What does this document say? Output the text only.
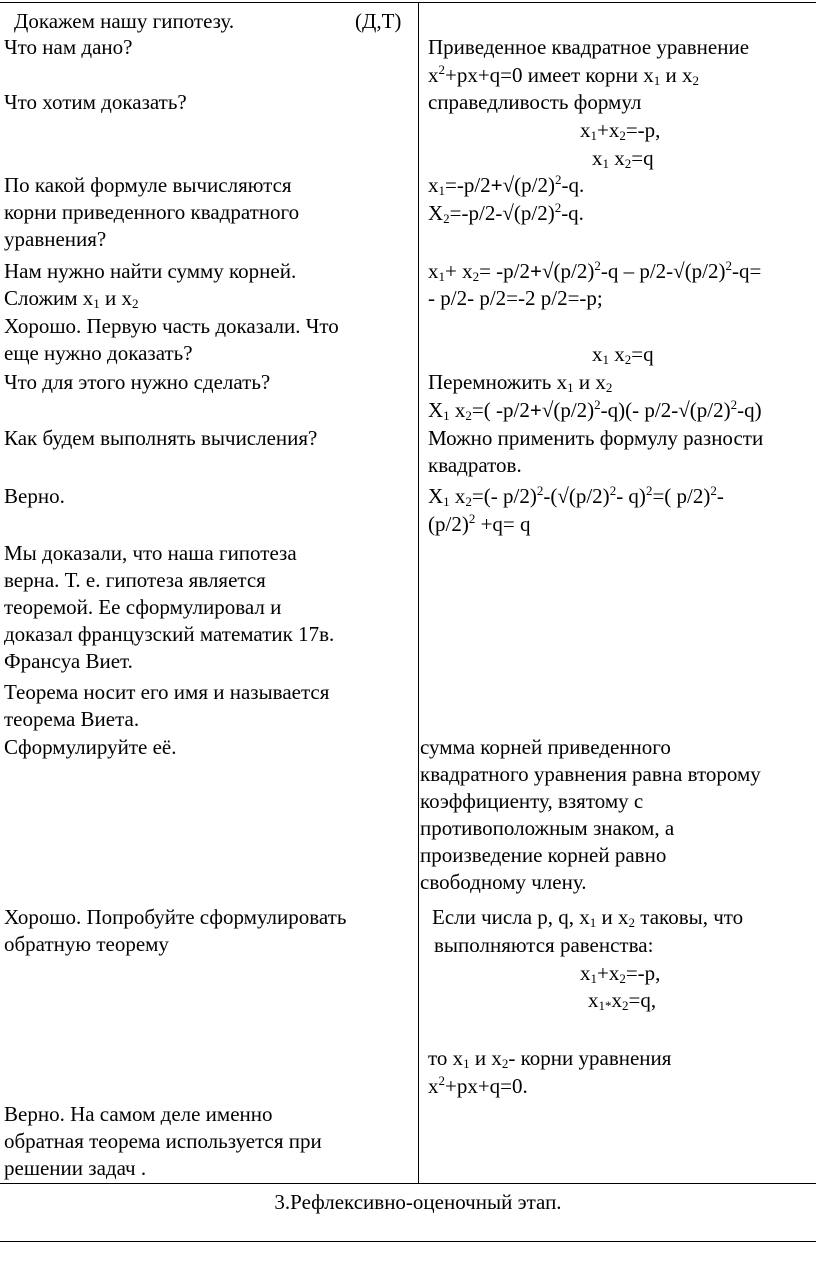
Докажем нашу гипотезу.	(Д,Т)
Что нам дано?
Что хотим доказать?
По какой формуле вычисляются
корни приведенного квадратного
уравнения?
Нам нужно найти сумму корней.
Сложим $x_1$ и $x_2$
Хорошо. Первую часть доказали. Что
еще нужно доказать?
Что для этого нужно сделать?
Как будем выполнять вычисления?
Верно.
Мы доказали, что наша гипотеза
верна. Т. е. гипотеза является
теоремой. Ее сформулировал и
доказал французский математик 17в.
Франсуа Виет.
Теорема носит его имя и называется
теорема Виета.
Сформулируйте её.
Хорошо. Попробуйте сформулировать
обратную теорему
Верно. На самом деле именно
обратная теорема используется при
решении задач .
Приведенное квадратное уравнение
$x^2+px+q=0$ имеет корни $x_1$ и $x_2$
справедливость формул
$x_1+x_2=-p$,
$x_1$ $x_2=q$
$x_1=-p/2+√(p/2)^2-q$.
$X_2=-p/2-√(p/2)^2-q$.
$x_1+ x_2= -p/2+√(p/2)^2-q - p/2-√(p/2)^2-q=$
- p/2- p/2=-2 p/2=-p;
$x_1$ $x_2=q$
Перемножить $x_1$ и $x_2$
$X_1$ $x_2=$( $-p/2+√(p/2)^2-q)(-$ $p/2-√(p/2)^2-q$)
Можно применить формулу разности
квадратов.
$X_1$ $x_2=(-$ $p/2)^2-(√(p/2)^2-$ q)$^2$=( p/2)$^2$-
$(p/2)^2 +q= q$
сумма корней приведенного
квадратного уравнения равна второму
коэффициенту, взятому с
противоположным знаком, а
произведение корней равно
свободному члену.
Если числа p, q, $x_1$ и $x_2$ таковы, что
выполняются равенства:
$x_1+x_2=-p$,
$x_{1*}x_2=q$,
то $x_1$ и $x_2-$ корни уравнения
$x^2+px+q=0$.
3.Рефлексивно-оценочный этап.
